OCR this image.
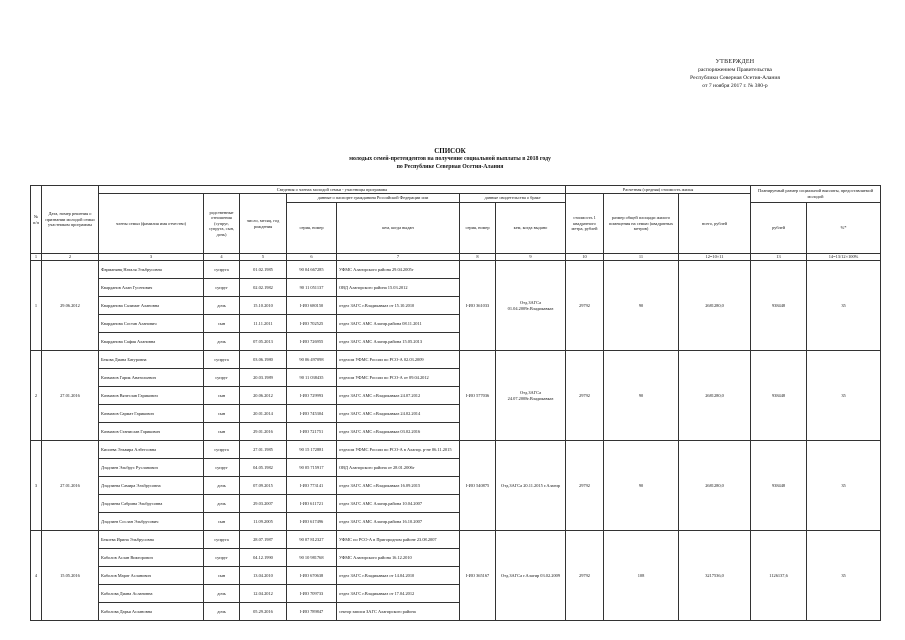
УТВЕРЖДЕН
распоряжением Правительства
Республики Северная Осетия-Алания
от 7 ноября 2017 г. № 380-р
СПИСОК
молодых семей-претендентов на получение социальной выплаты в 2018 году
по Республике Северная Осетия-Алания
№ п/п	Дата, номер решения о признании молодой семьи участником программы	Сведения о членах молодой семьи - участницы программы							Расчетная (средняя) стоимость жилья			Планируемый размер социальной выплаты, предоставляемой молодой	
		члены семьи (фамилия имя отчество)	родственные отношения (супруг, супруга, сын, дочь)	число, месяц, год рождения	данные о паспорте гражданина Российской Федерации или		данные свидетельства о браке		стоимость 1 квадратного метра, рублей	размер общей площади жилого помещения на семью (квадратных метров)	всего, рублей		
					серия, номер	кем, когда выдан	серия, номер	кем, когда выдано				рублей	%*
1	2	3	4	5	6	7	8	9	10	11	12=10×11	13	14=13/12×100%
1	29.06.2012	Фарманянц Наталя Эльбрусовна	супруга	01.02.1985	90 04 667285	УФМС Алагирского района 29.04.2005г	I-ИО 361033	Отд.ЗАГСа 01.04.2009г.Владикавказ	29792	90	2681280,0	938448	35
		Кварданов Алан Гусенович	супруг	02.02.1982	90 11 051137	ОВД Алагирского района 15.03.2012							
		Кварданова Салимат Алановна	дочь	15.10.2010	I-ИО 680150	отдел ЗАГС г.Владикавказ от 15.10.2010							
		Кварданова Состав Аланович	сын	11.11.2011	I-ИО 702525	отдел ЗАГС АМС Алагир.района 08.11.2011							
		Кварданова Сафия Алановна	дочь	07.05.2013	I-ИО 726955	отдел ЗАГС АМС Алагир.района 15.05.2013							
2	27.01.2016	Бекова Диана Батуровна	супруга	03.06.1980	90 06 497098	отделом УФМС России по РСО-А 02.03.2009	I-ИО 577036	Отд.ЗАГСа 24.07.2008г.Владикавказ	29792	90	2681280,0	938448	35
		Качмазов Гарик Анатольевич	супруг	20.03.1989	90 11 038435	отделом УФМС России по РСО-А от 09.04.2012							
		Качмазов Вячеслав Гарикович	сын	20.06.2012	I-ИО 729993	отдел ЗАГС АМС г.Владикавказ 24.07.2012							
		Качмазов Сармат Гарикович	сын	20.01.2014	I-ИО 745304	отдел ЗАГС АМС г.Владикавказ 24.02.2014							
		Качмазов Станислав Гарикович	сын	29.01.2016	I-ИО 721751	отдел ЗАГС АМС г.Владикавказ 03.02.2016							
3	27.01.2016	Кисиева Эльвира Албегсовна	супруга	27.01.1985	90 15 172881	отделом УФМС России по РСО-А в Алагир. р-не 06.11.2015	I-ИО 540875	Отд.ЗАГСа 20.11.2015 г.Алагир	29792	90	2681280,0	938448	35
		Дзадзиев Эльбрус Русланович	супруг	04.05.1982	90 05 715917	ОВД Алагирского района от 28.01.2006г							
		Дзадзиева Самира Эльбрусовна	дочь	07.09.2015	I-ИО 773141	отдел ЗАГС АМС г.Владикавказ 16.09.2015							
		Дзадзиева Сабрина Эльбрусовна	дочь	29.03.2007	I-ИО 611721	отдел ЗАГС АМС Алагир.района 10.04.2007							
		Дзадзиев Сослан Эльбрусович	сын	11.09.2005	I-ИО 617496	отдел ЗАГС АМС Алагир.района 16.10.2007							
4	15.05.2016	Бекоева Ирина Эльбрусовна	супруга	28.07.1987	90 07 812327	УФМС по РСО-А в Пригородном районе 23.08.2007	I-ИО 365167	Отд.ЗАГСа г.Алагир 03.02.2009	29792	108	3217536,0	1126137,6	35
		Каболов Аслан Викторович	супруг	04.12.1990	90 10 981768	УФМС Алагирского района 16.12.2010							
		Каболов Марат Асланович	сын	13.04.2010	I-ИО 670638	отдел ЗАГС г.Владикавказ от 14.04.2010							
		Каболова Диана Аслановна	дочь	12.04.2012	I-ИО 709733	отдел ЗАГС г.Владикавказ от 17.04.2012							
		Каболова Дарья Аслановна	дочь	05.29.2016	I-ИО 789847	сектор записи ЗАГС Алагирского района							
